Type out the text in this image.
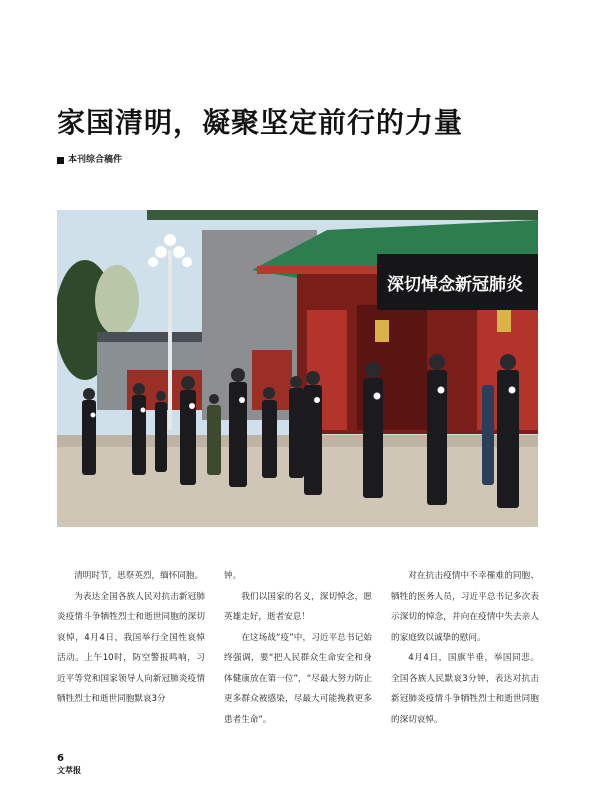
家国清明，凝聚坚定前行的力量
本刊综合稿件
深切悼念新冠肺炎

清明时节，思祭英烈，缅怀同胞。

为表达全国各族人民对抗击新冠肺炎疫情斗争牺牲烈士和逝世同胞的深切哀悼，4月4日，我国举行全国性哀悼活动。上午10时，防空警报鸣响，习近平等党和国家领导人向新冠肺炎疫情牺牲烈士和逝世同胞默哀3分

钟。

我们以国家的名义，深切悼念，愿英雄走好，逝者安息！

在这场战“疫”中，习近平总书记始终强调，要“把人民群众生命安全和身体健康放在第一位”，“尽最大努力防止更多群众被感染，尽最大可能挽救更多患者生命”。

对在抗击疫情中不幸罹难的同胞、牺牲的医务人员，习近平总书记多次表示深切的悼念，并向在疫情中失去亲人的家庭致以诚挚的慰问。

4月4日，国旗半垂，举国同悲。全国各族人民默哀3分钟，表达对抗击新冠肺炎疫情斗争牺牲烈士和逝世同胞的深切哀悼。

6
文萃报
